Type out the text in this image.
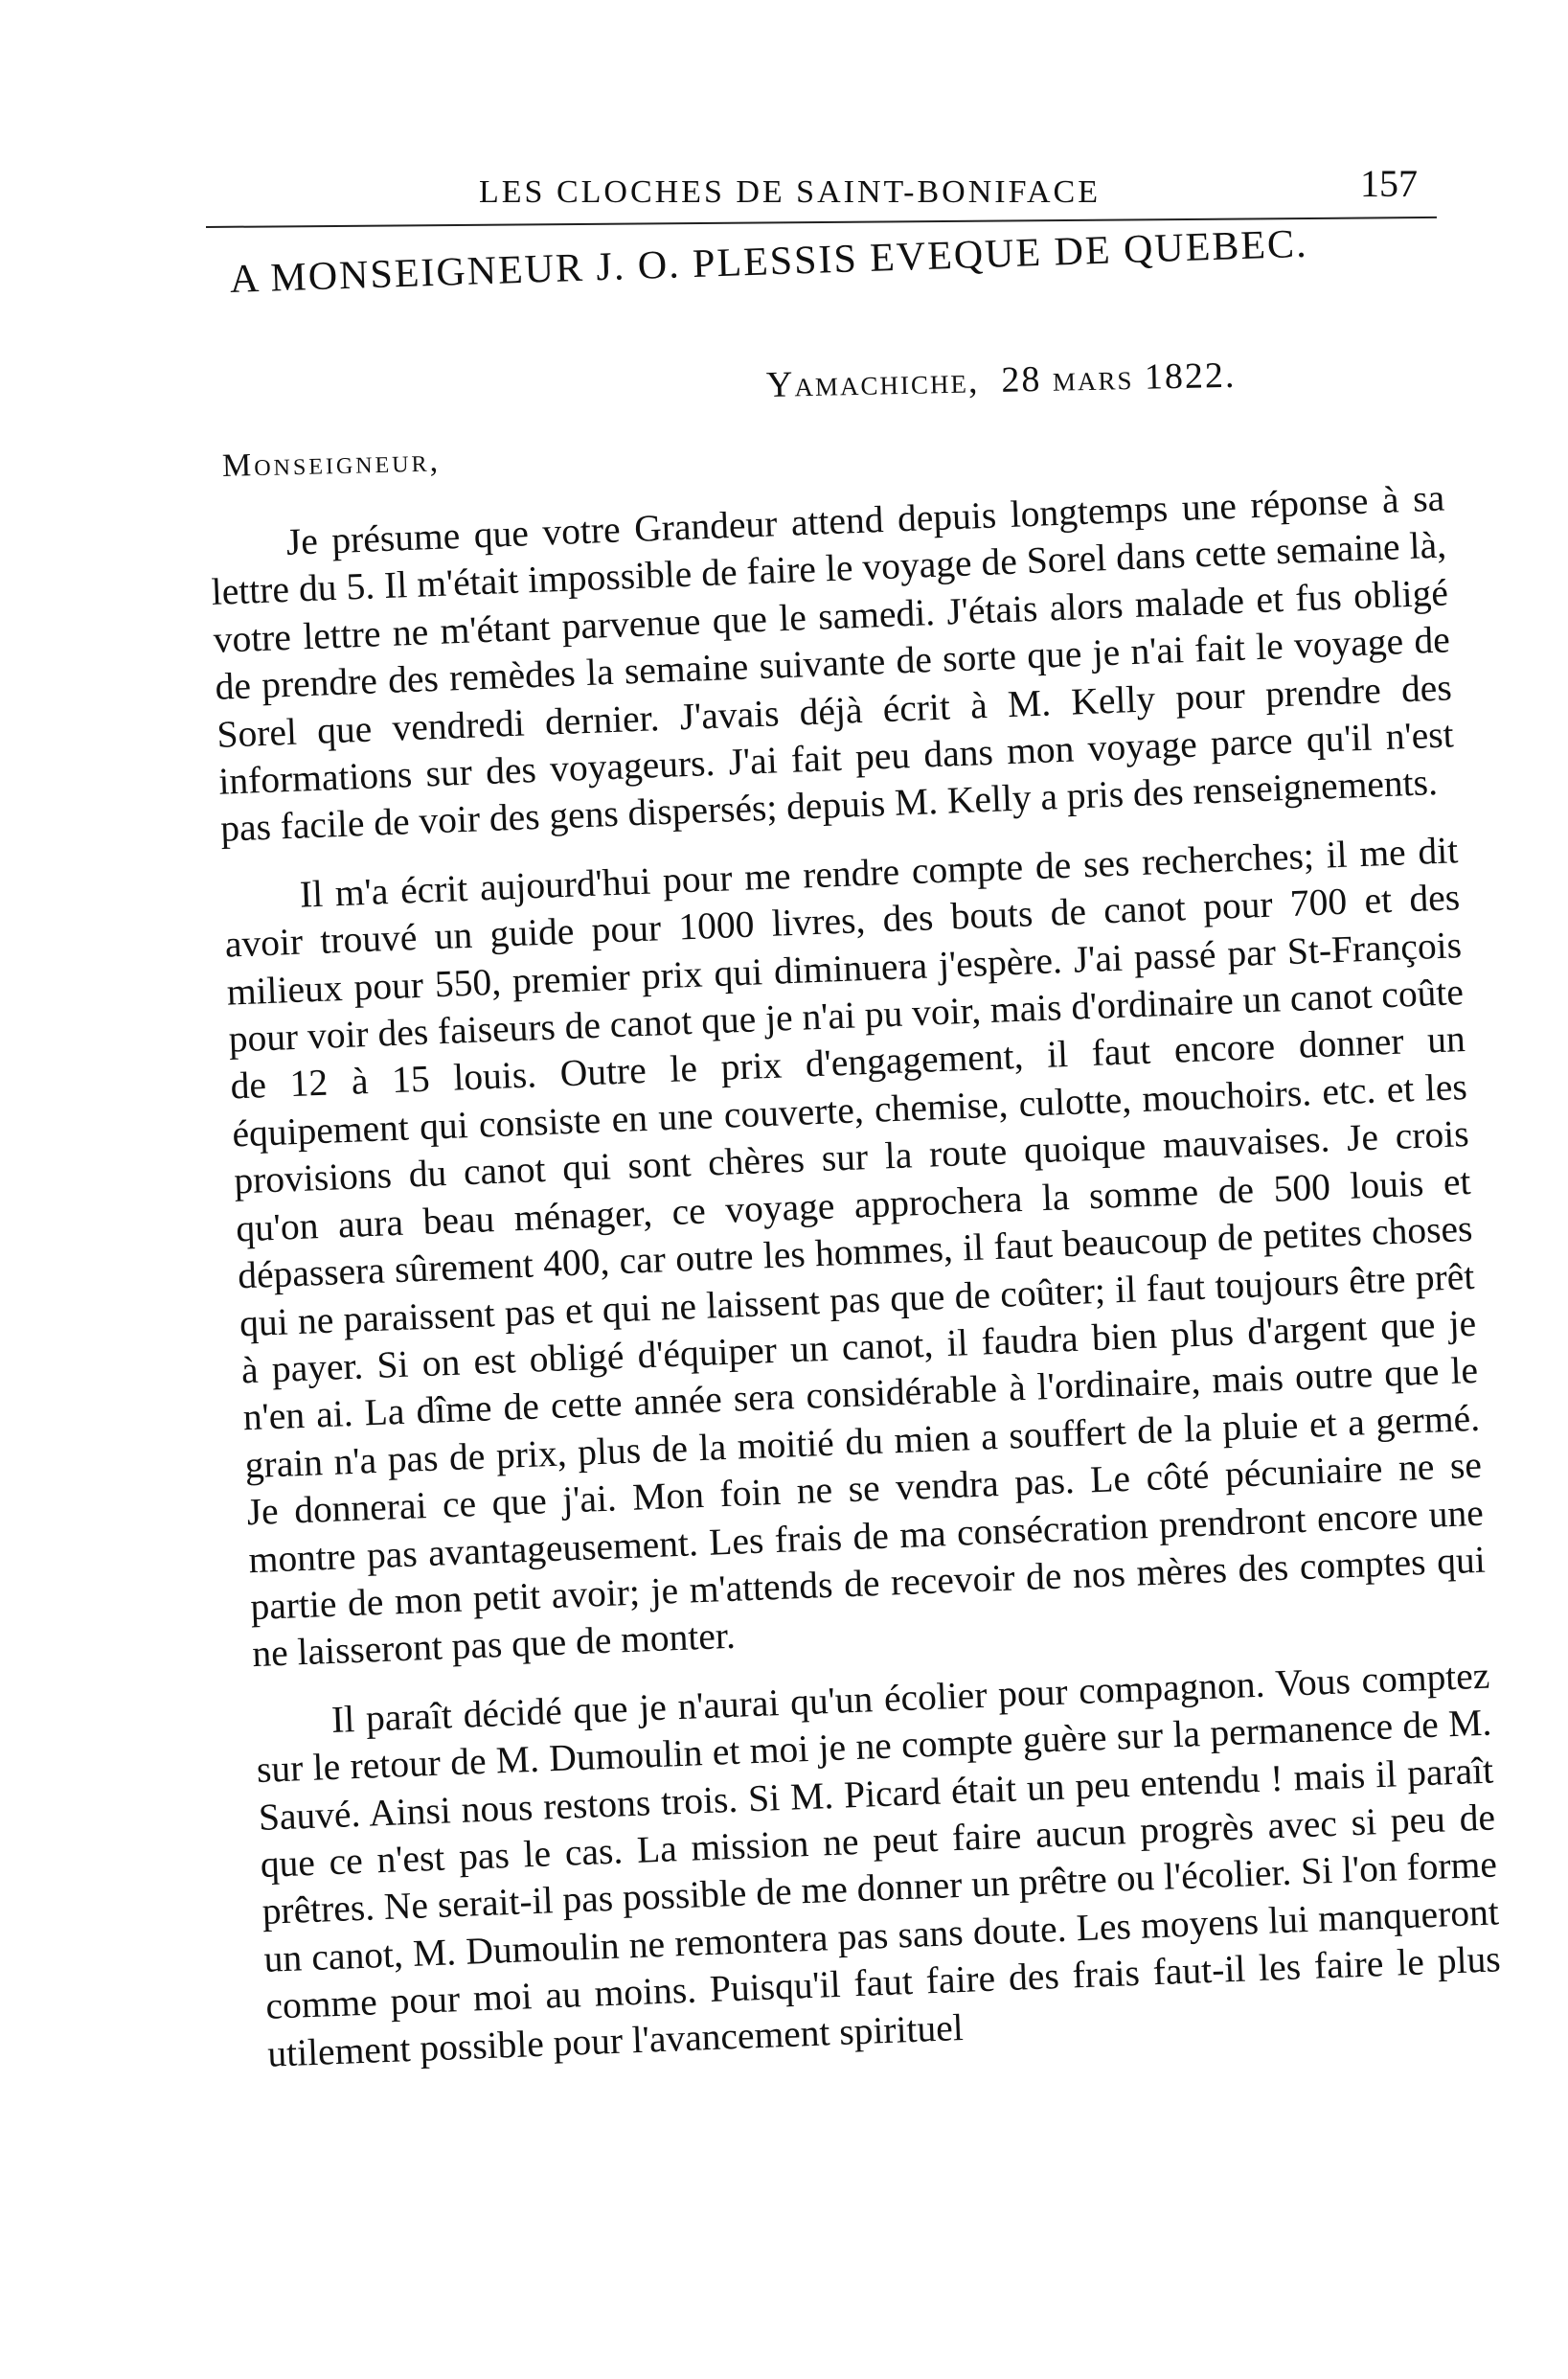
LES CLOCHES DE SAINT-BONIFACE	157
A MONSEIGNEUR J. O. PLESSIS EVEQUE DE QUEBEC.
Yamachiche, 28 mars 1822.
Monseigneur,

Je présume que votre Grandeur attend depuis longtemps une réponse à sa lettre du 5. Il m'était impossible de faire le voyage de Sorel dans cette semaine là, votre lettre ne m'étant parvenue que le samedi. J'étais alors malade et fus obligé de prendre des remèdes la semaine suivante de sorte que je n'ai fait le voyage de Sorel que vendredi dernier. J'avais déjà écrit à M. Kelly pour prendre des informations sur des voyageurs. J'ai fait peu dans mon voyage parce qu'il n'est pas facile de voir des gens dispersés; depuis M. Kelly a pris des renseignements.

Il m'a écrit aujourd'hui pour me rendre compte de ses recherches; il me dit avoir trouvé un guide pour 1000 livres, des bouts de canot pour 700 et des milieux pour 550, premier prix qui diminuera j'espère. J'ai passé par St-François pour voir des faiseurs de canot que je n'ai pu voir, mais d'ordinaire un canot coûte de 12 à 15 louis. Outre le prix d'engagement, il faut encore donner un équipement qui consiste en une couverte, chemise, culotte, mouchoirs. etc. et les provisions du canot qui sont chères sur la route quoique mauvaises. Je crois qu'on aura beau ménager, ce voyage approchera la somme de 500 louis et dépassera sûrement 400, car outre les hommes, il faut beaucoup de petites choses qui ne paraissent pas et qui ne laissent pas que de coûter; il faut toujours être prêt à payer. Si on est obligé d'équiper un canot, il faudra bien plus d'argent que je n'en ai. La dîme de cette année sera considérable à l'ordinaire, mais outre que le grain n'a pas de prix, plus de la moitié du mien a souffert de la pluie et a germé. Je donnerai ce que j'ai. Mon foin ne se vendra pas. Le côté pécuniaire ne se montre pas avantageusement. Les frais de ma consécration prendront encore une partie de mon petit avoir; je m'attends de recevoir de nos mères des comptes qui ne laisseront pas que de monter.

Il paraît décidé que je n'aurai qu'un écolier pour compagnon. Vous comptez sur le retour de M. Dumoulin et moi je ne compte guère sur la permanence de M. Sauvé. Ainsi nous restons trois. Si M. Picard était un peu entendu ! mais il paraît que ce n'est pas le cas. La mission ne peut faire aucun progrès avec si peu de prêtres. Ne serait-il pas possible de me donner un prêtre ou l'écolier. Si l'on forme un canot, M. Dumoulin ne remontera pas sans doute. Les moyens lui manqueront comme pour moi au moins. Puisqu'il faut faire des frais faut-il les faire le plus utilement possible pour l'avancement spirituel
